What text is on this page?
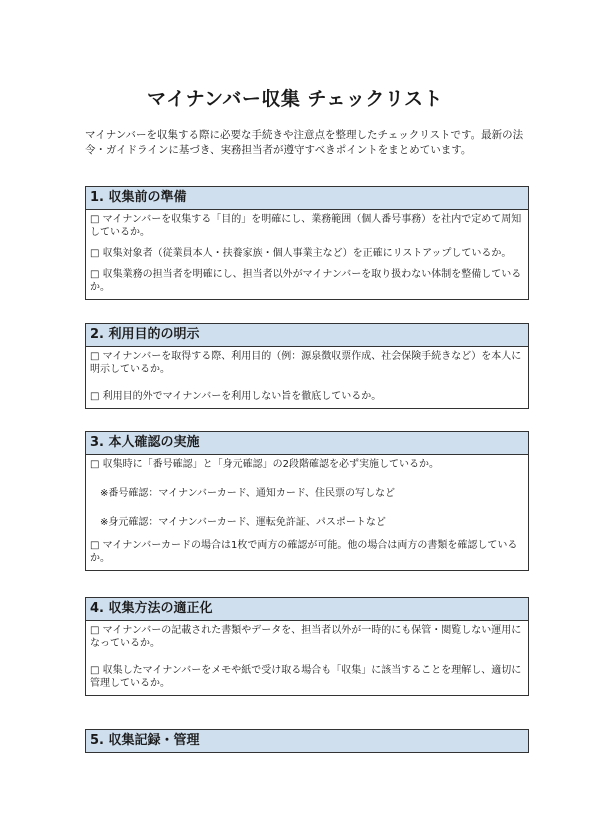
マイナンバー収集 チェックリスト
マイナンバーを収集する際に必要な手続きや注意点を整理したチェックリストです。最新の法令・ガイドラインに基づき、実務担当者が遵守すべきポイントをまとめています。
1. 収集前の準備

□ マイナンバーを収集する「目的」を明確にし、業務範囲（個人番号事務）を社内で定めて周知しているか。

□ 収集対象者（従業員本人・扶養家族・個人事業主など）を正確にリストアップしているか。

□ 収集業務の担当者を明確にし、担当者以外がマイナンバーを取り扱わない体制を整備しているか。

2. 利用目的の明示

□ マイナンバーを取得する際、利用目的（例：源泉徴収票作成、社会保険手続きなど）を本人に明示しているか。

□ 利用目的外でマイナンバーを利用しない旨を徹底しているか。

3. 本人確認の実施

□ 収集時に「番号確認」と「身元確認」の2段階確認を必ず実施しているか。

※番号確認：マイナンバーカード、通知カード、住民票の写しなど

※身元確認：マイナンバーカード、運転免許証、パスポートなど

□ マイナンバーカードの場合は1枚で両方の確認が可能。他の場合は両方の書類を確認しているか。

4. 収集方法の適正化

□ マイナンバーの記載された書類やデータを、担当者以外が一時的にも保管・閲覧しない運用になっているか。

□ 収集したマイナンバーをメモや紙で受け取る場合も「収集」に該当することを理解し、適切に管理しているか。

5. 収集記録・管理
